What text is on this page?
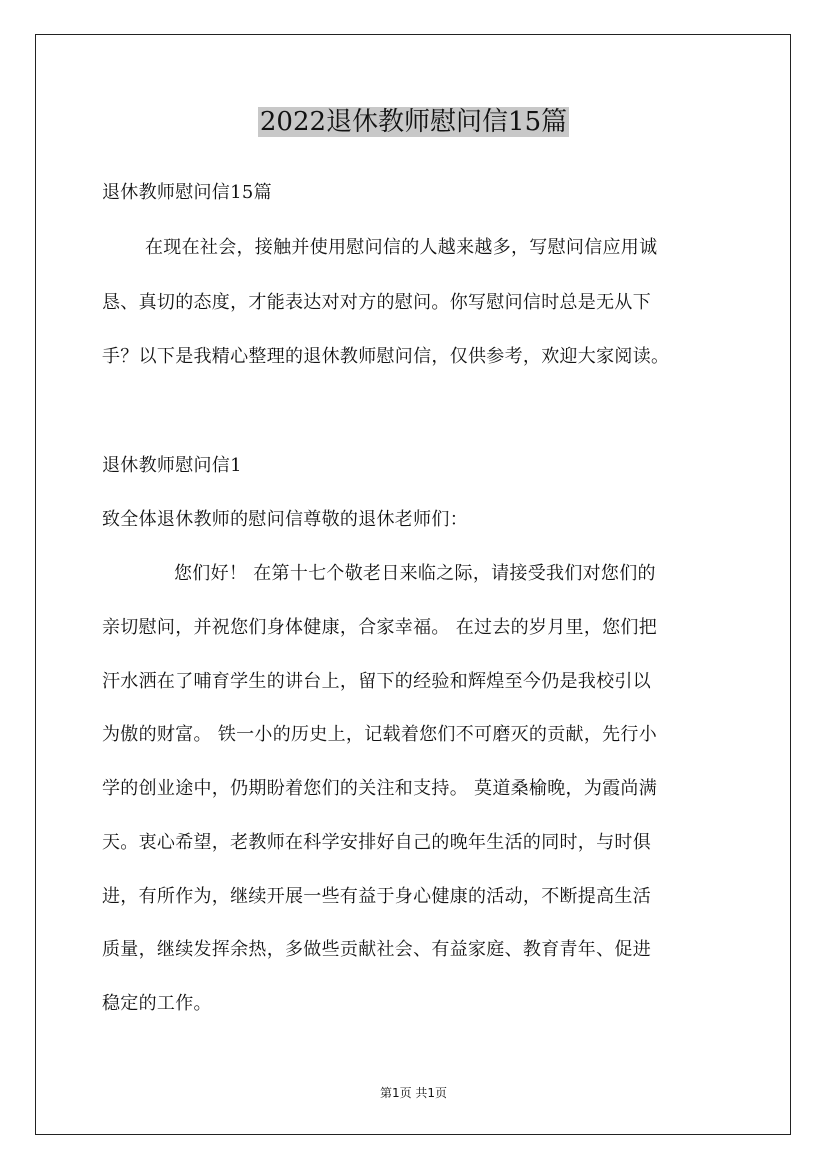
2022退休教师慰问信15篇
退休教师慰问信15篇
在现在社会，接触并使用慰问信的人越来越多，写慰问信应用诚
恳、真切的态度，才能表达对对方的慰问。你写慰问信时总是无从下
手？以下是我精心整理的退休教师慰问信，仅供参考，欢迎大家阅读。
退休教师慰问信1
致全体退休教师的慰问信尊敬的退休老师们：
您们好！ 在第十七个敬老日来临之际，请接受我们对您们的
亲切慰问，并祝您们身体健康，合家幸福。 在过去的岁月里，您们把
汗水洒在了哺育学生的讲台上，留下的经验和辉煌至今仍是我校引以
为傲的财富。 铁一小的历史上，记载着您们不可磨灭的贡献，先行小
学的创业途中，仍期盼着您们的关注和支持。 莫道桑榆晚，为霞尚满
天。衷心希望，老教师在科学安排好自己的晚年生活的同时，与时俱
进，有所作为，继续开展一些有益于身心健康的活动，不断提高生活
质量，继续发挥余热，多做些贡献社会、有益家庭、教育青年、促进
稳定的工作。
第1页 共1页
